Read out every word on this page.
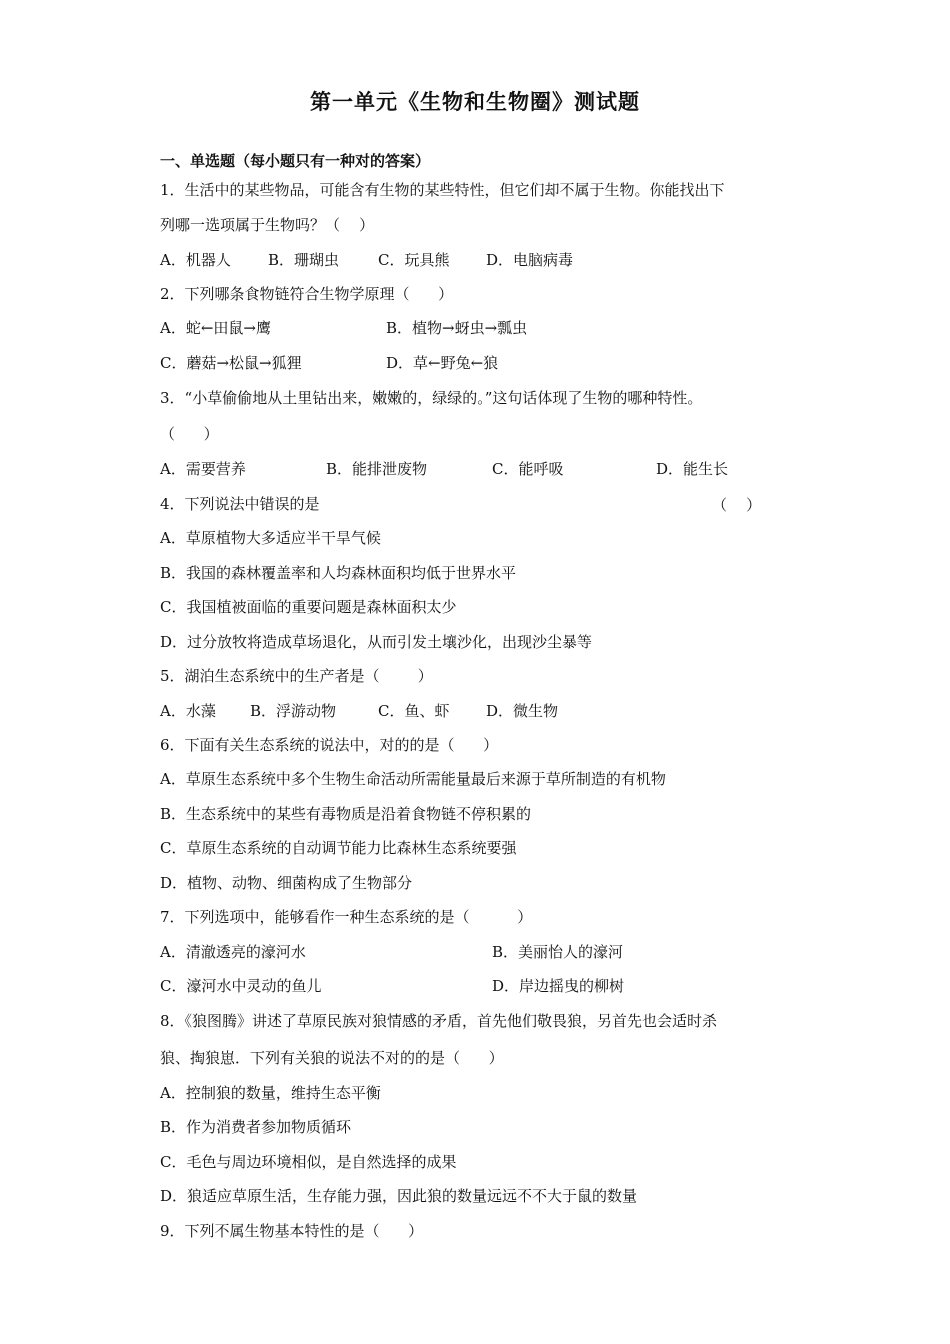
第一单元《生物和生物圈》测试题
一、单选题（每小题只有一种对的答案）
1．生活中的某些物品，可能含有生物的某些特性，但它们却不属于生物。你能找出下
列哪一选项属于生物吗？（    ）
A．机器人 B．珊瑚虫	C．玩具熊 D．电脑病毒
2．下列哪条食物链符合生物学原理（      ）
A．蛇←田鼠→鹰	B．植物→蚜虫→瓢虫
C．蘑菇→松鼠→狐狸	D．草←野兔←狼
3．“小草偷偷地从土里钻出来，嫩嫩的，绿绿的。”这句话体现了生物的哪种特性。
（      ）
A．需要营养	B．能排泄废物	C．能呼吸	D．能生长
4．下列说法中错误的是	（    ）
A．草原植物大多适应半干旱气候
B．我国的森林覆盖率和人均森林面积均低于世界水平
C．我国植被面临的重要问题是森林面积太少
D．过分放牧将造成草场退化，从而引发土壤沙化，出现沙尘暴等
5．湖泊生态系统中的生产者是（        ）
A．水藻 B．浮游动物	C．鱼、虾 D．微生物
6．下面有关生态系统的说法中，对的的是（      ）
A．草原生态系统中多个生物生命活动所需能量最后来源于草所制造的有机物
B．生态系统中的某些有毒物质是沿着食物链不停积累的
C．草原生态系统的自动调节能力比森林生态系统要强
D．植物、动物、细菌构成了生物部分
7．下列选项中，能够看作一种生态系统的是（          ）
A．清澈透亮的濠河水	B．美丽怡人的濠河
C．濠河水中灵动的鱼儿	D．岸边摇曳的柳树
8．《狼图腾》讲述了草原民族对狼情感的矛盾，首先他们敬畏狼，另首先也会适时杀
狼、掏狼崽．下列有关狼的说法不对的的是（      ）
A．控制狼的数量，维持生态平衡
B．作为消费者参加物质循环
C．毛色与周边环境相似，是自然选择的成果
D．狼适应草原生活，生存能力强，因此狼的数量远远不不大于鼠的数量
9．下列不属生物基本特性的是（      ）
